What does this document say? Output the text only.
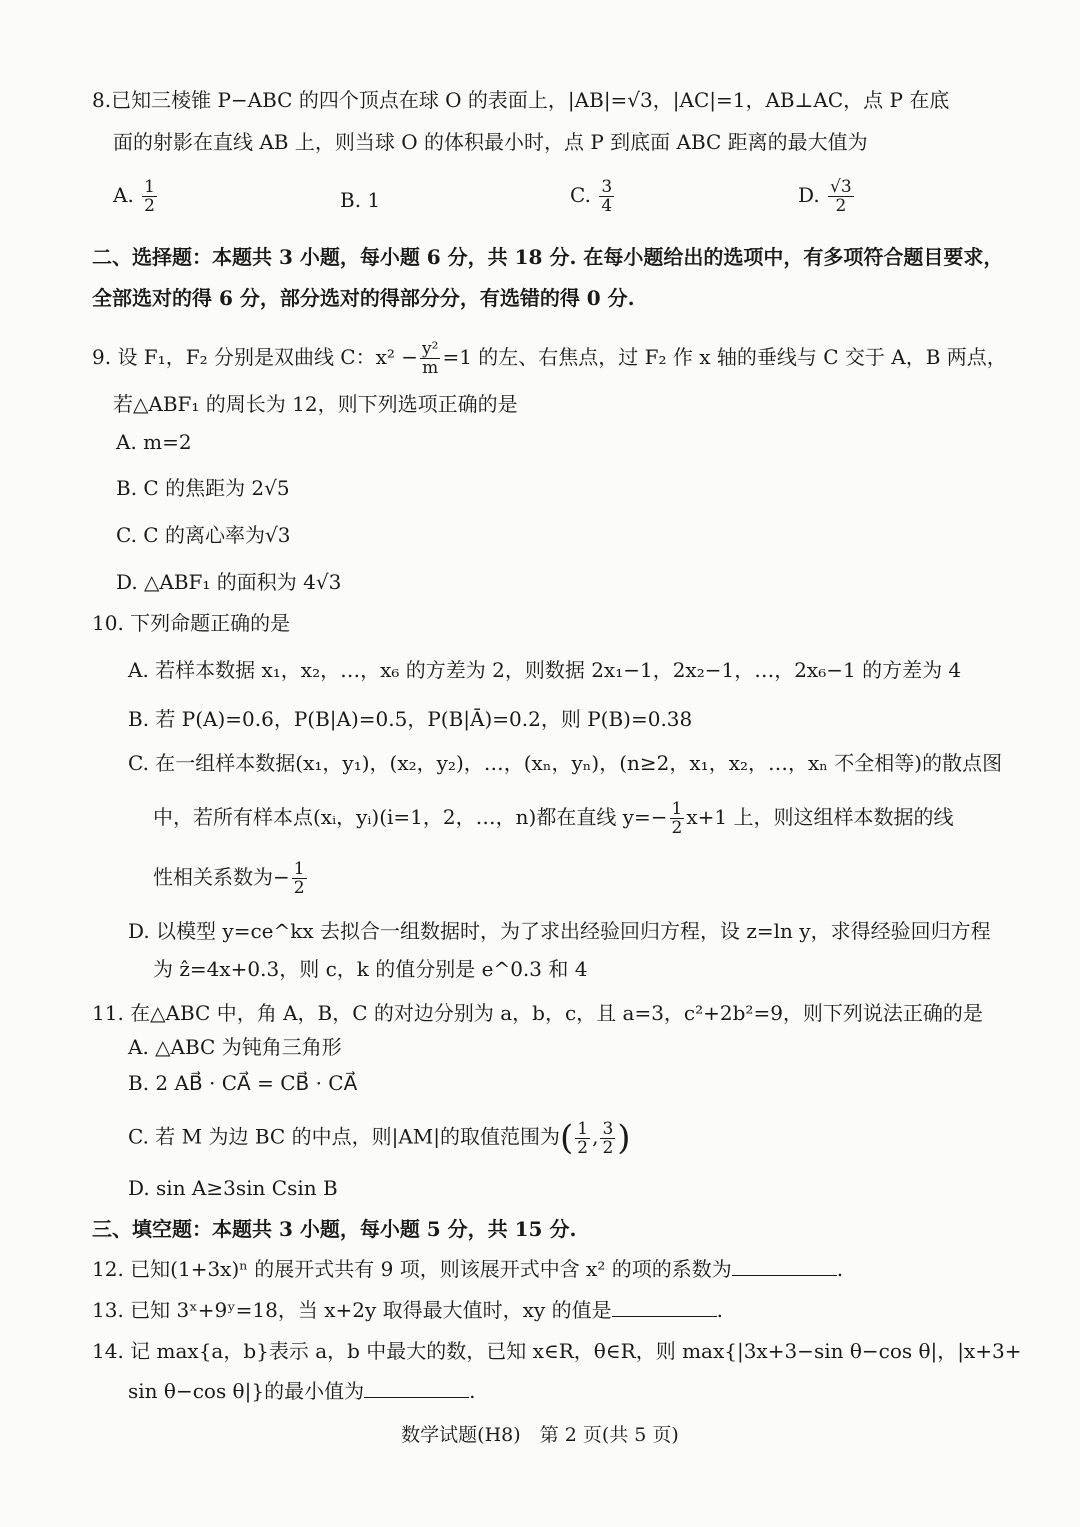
8.已知三棱锥 P−ABC 的四个顶点在球 O 的表面上，|AB|=√3，|AC|=1，AB⊥AC，点 P 在底
面的射影在直线 AB 上，则当球 O 的体积最小时，点 P 到底面 ABC 距离的最大值为
A. $\frac{1}{2}$	B. 1	C. $\frac{3}{4}$	D. $\frac{√3}{2}$
二、选择题：本题共 3 小题，每小题 6 分，共 18 分. 在每小题给出的选项中，有多项符合题目要求，
全部选对的得 6 分，部分选对的得部分分，有选错的得 0 分.
9. 设 F₁，F₂ 分别是双曲线 C：$x^2 - \frac{\text{y²}}{m} =1$ 的左、右焦点，过 F₂ 作 x 轴的垂线与 C 交于 A，B 两点，
若△ABF₁ 的周长为 12，则下列选项正确的是
A. m=2
B. C 的焦距为 2√5
C. C 的离心率为√3
D. △ABF₁ 的面积为 4√3
10. 下列命题正确的是
A. 若样本数据 x₁，x₂，…，x₆ 的方差为 2，则数据 2x₁−1，2x₂−1，…，2x₆−1 的方差为 4
B. 若 P(A)=0.6，P(B|A)=0.5，P(B|Ā)=0.2，则 P(B)=0.38
C. 在一组样本数据(x₁，y₁)，(x₂，y₂)，…，(xₙ，yₙ)，(n≥2，x₁，x₂，…，xₙ 不全相等)的散点图
中，若所有样本点(xᵢ，yᵢ)(i=1，2，…，n)都在直线 $y=- \frac{1}{2} x+1$ 上，则这组样本数据的线
性相关系数为− $\frac{1}{2}$
D. 以模型 y=ce^kx 去拟合一组数据时，为了求出经验回归方程，设 z=ln y，求得经验回归方程
为 ẑ=4x+0.3，则 c，k 的值分别是 e^0.3 和 4
11. 在△ABC 中，角 A，B，C 的对边分别为 a，b，c，且 a=3，c²+2b²=9，则下列说法正确的是
A. △ABC 为钝角三角形
B. 2 AB⃗ · CA⃗ = CB⃗ · CA⃗
C. 若 M 为边 BC 的中点，则|AM|的取值范围为( $\frac{1}{2}$ , $\frac{3}{2}$ )
D. sin A≥3sin Csin B
三、填空题：本题共 3 小题，每小题 5 分，共 15 分.
12. 已知(1+3x)ⁿ 的展开式共有 9 项，则该展开式中含 x² 的项的系数为	.
13. 已知 3ˣ+9ʸ=18，当 x+2y 取得最大值时，xy 的值是	.
14. 记 max{a，b}表示 a，b 中最大的数，已知 x∈R，θ∈R，则 max{|3x+3−sin θ−cos θ|，|x+3+
sin θ−cos θ|}的最小值为	.
数学试题(H8)　第 2 页(共 5 页)
